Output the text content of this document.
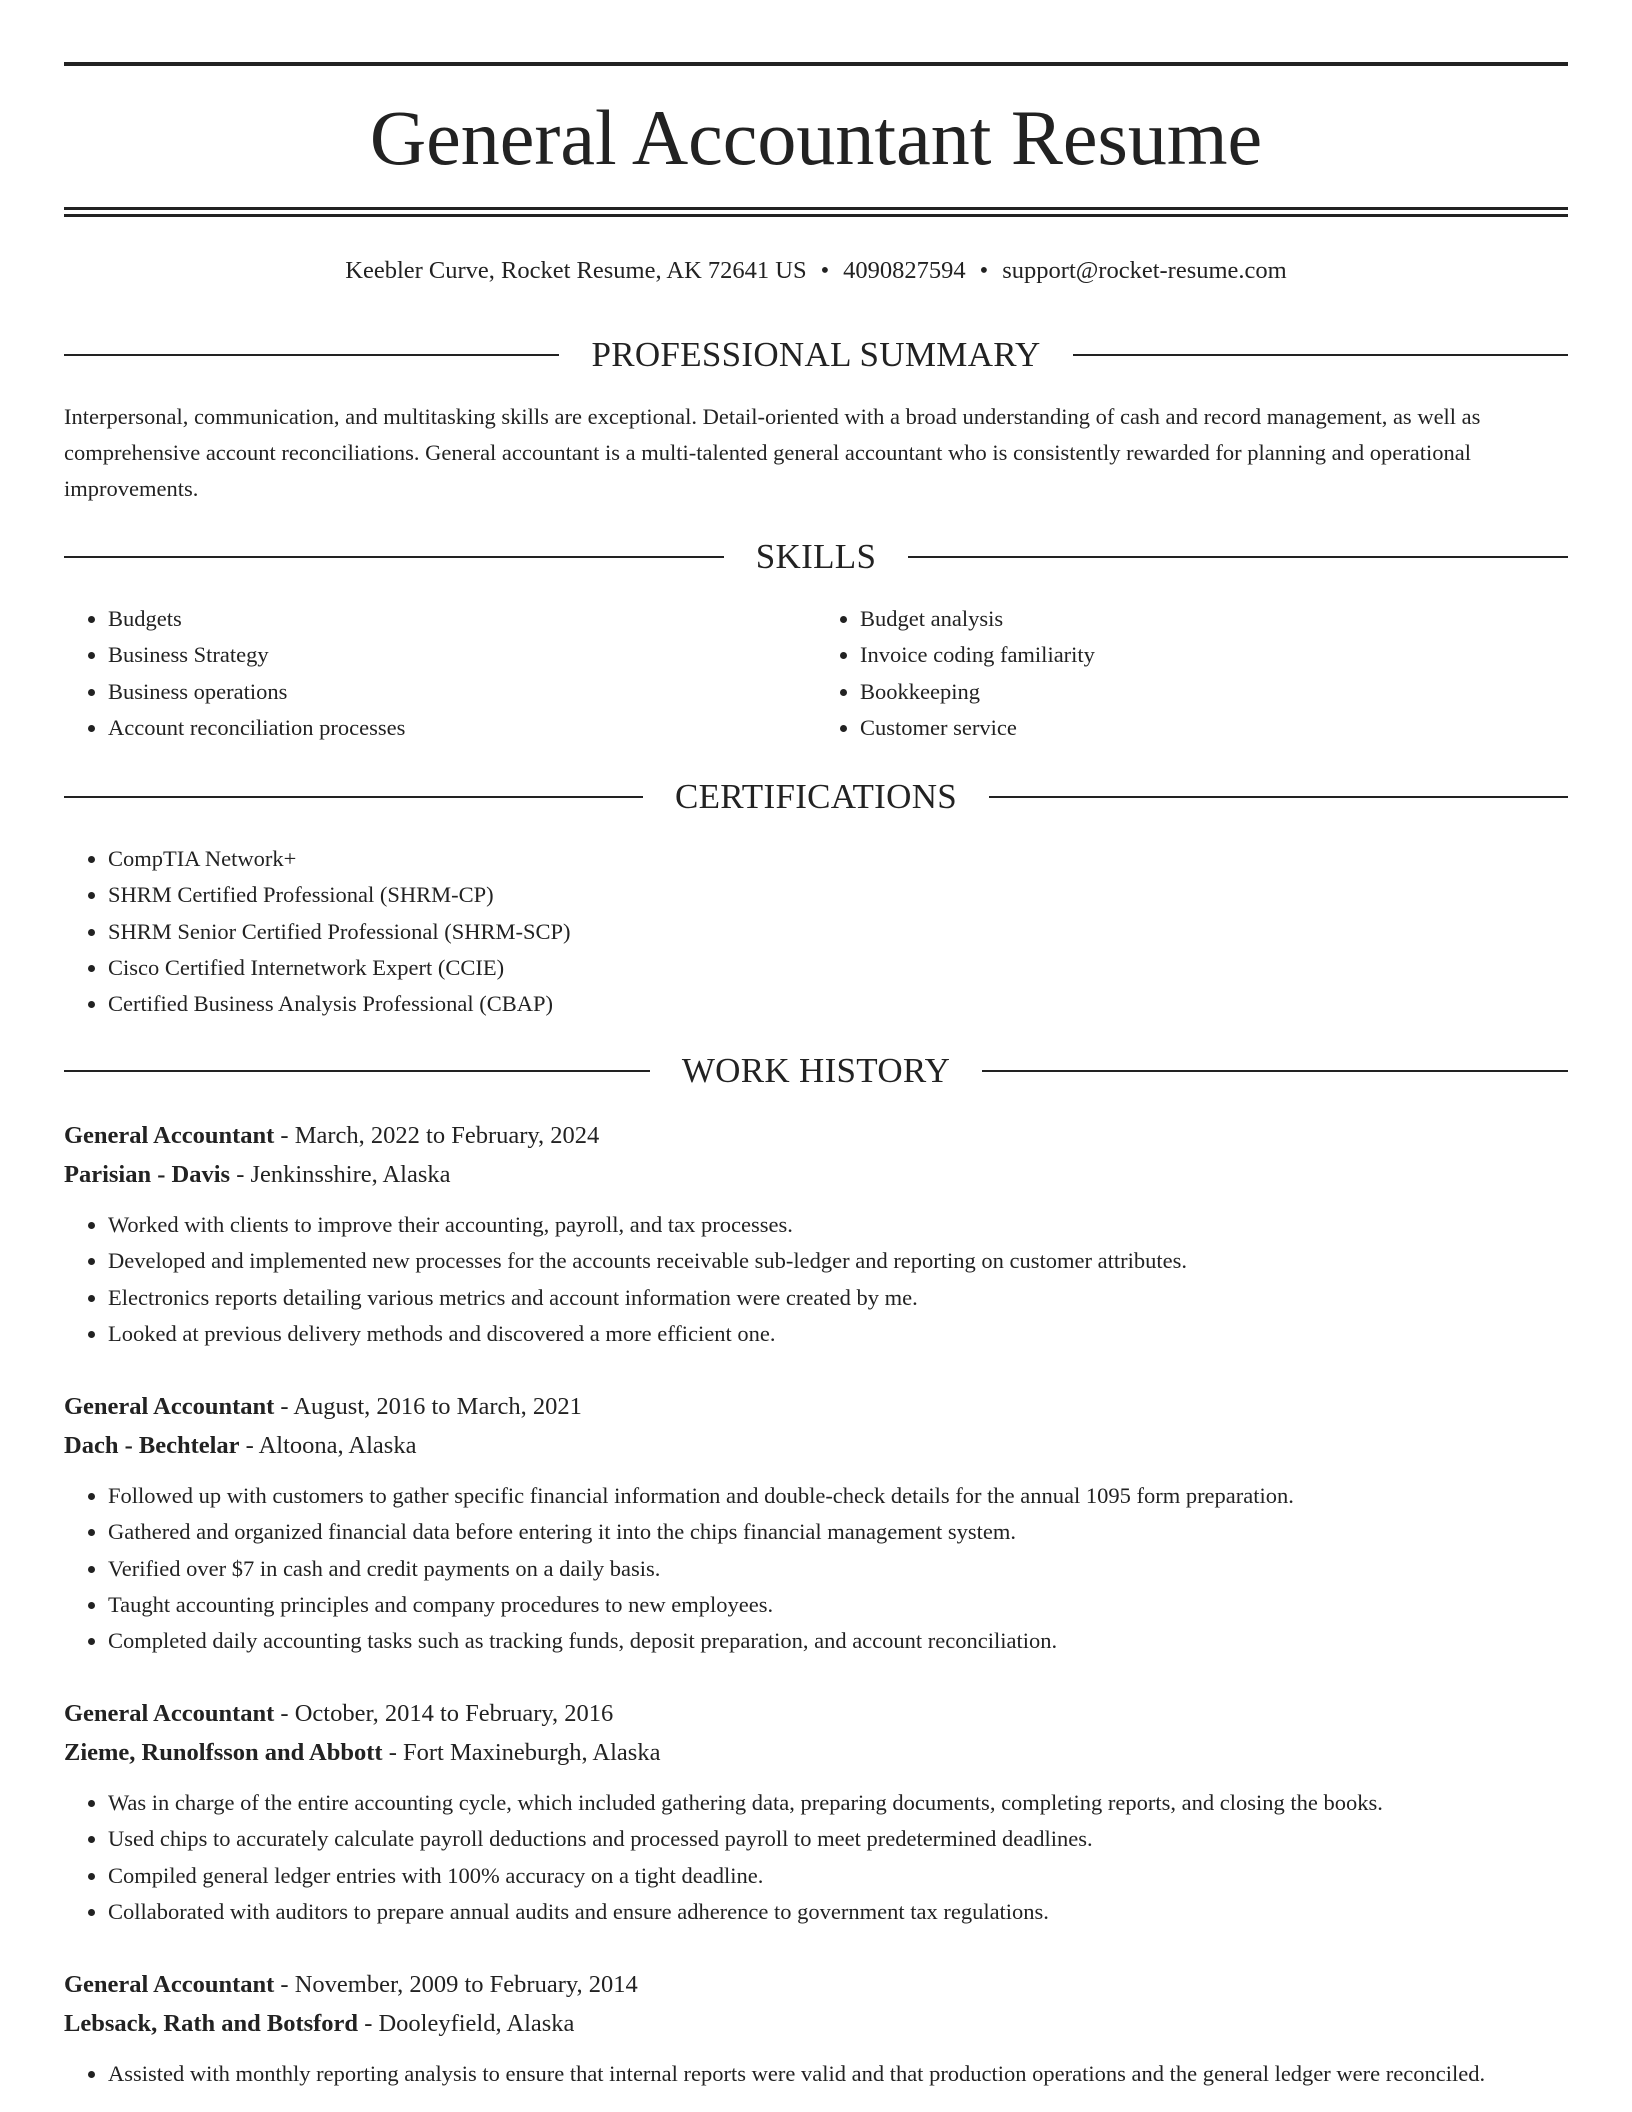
General Accountant Resume
Keebler Curve, Rocket Resume, AK 72641 US • 4090827594 • support@rocket-resume.com
PROFESSIONAL SUMMARY

Interpersonal, communication, and multitasking skills are exceptional. Detail-oriented with a broad understanding of cash and record management, as well as comprehensive account reconciliations. General accountant is a multi-talented general accountant who is consistently rewarded for planning and operational improvements.

SKILLS
• Budgets
• Business Strategy
• Business operations
• Account reconciliation processes
• Budget analysis
• Invoice coding familiarity
• Bookkeeping
• Customer service
CERTIFICATIONS
• CompTIA Network+
• SHRM Certified Professional (SHRM-CP)
• SHRM Senior Certified Professional (SHRM-SCP)
• Cisco Certified Internetwork Expert (CCIE)
• Certified Business Analysis Professional (CBAP)
WORK HISTORY
General Accountant - March, 2022 to February, 2024
Parisian - Davis - Jenkinsshire, Alaska
• Worked with clients to improve their accounting, payroll, and tax processes.
• Developed and implemented new processes for the accounts receivable sub-ledger and reporting on customer attributes.
• Electronics reports detailing various metrics and account information were created by me.
• Looked at previous delivery methods and discovered a more efficient one.
General Accountant - August, 2016 to March, 2021
Dach - Bechtelar - Altoona, Alaska
• Followed up with customers to gather specific financial information and double-check details for the annual 1095 form preparation.
• Gathered and organized financial data before entering it into the chips financial management system.
• Verified over $7 in cash and credit payments on a daily basis.
• Taught accounting principles and company procedures to new employees.
• Completed daily accounting tasks such as tracking funds, deposit preparation, and account reconciliation.
General Accountant - October, 2014 to February, 2016
Zieme, Runolfsson and Abbott - Fort Maxineburgh, Alaska
• Was in charge of the entire accounting cycle, which included gathering data, preparing documents, completing reports, and closing the books.
• Used chips to accurately calculate payroll deductions and processed payroll to meet predetermined deadlines.
• Compiled general ledger entries with 100% accuracy on a tight deadline.
• Collaborated with auditors to prepare annual audits and ensure adherence to government tax regulations.
General Accountant - November, 2009 to February, 2014
Lebsack, Rath and Botsford - Dooleyfield, Alaska
• Assisted with monthly reporting analysis to ensure that internal reports were valid and that production operations and the general ledger were reconciled.
